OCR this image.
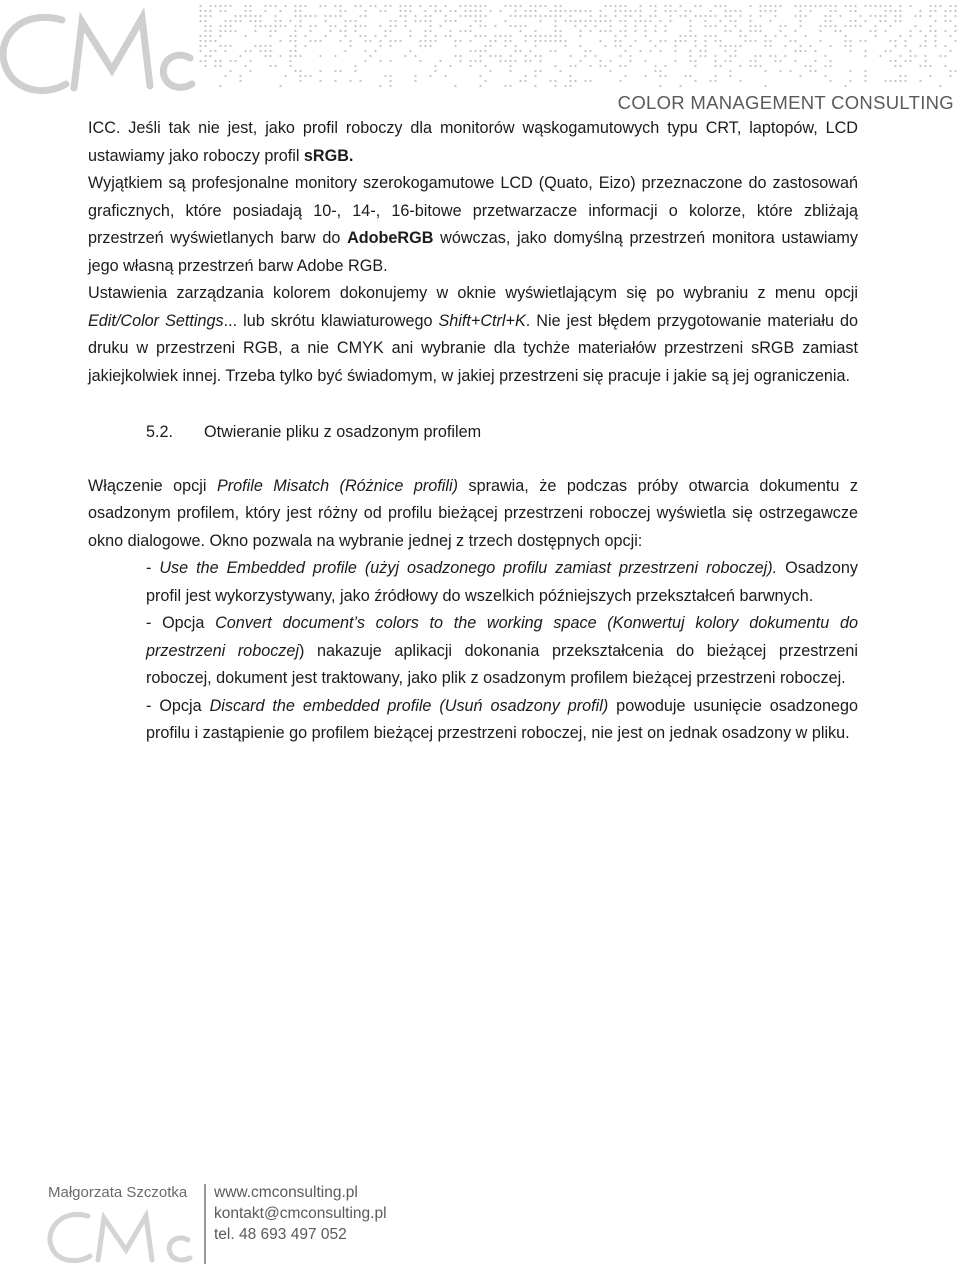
COLOR MANAGEMENT CONSULTING

ICC. Jeśli tak nie jest, jako profil roboczy dla monitorów wąskogamutowych typu CRT, laptopów, LCD ustawiamy jako roboczy profil sRGB.

Wyjątkiem są profesjonalne monitory szerokogamutowe LCD (Quato, Eizo) przeznaczone do zastosowań graficznych, które posiadają 10-, 14-, 16-bitowe przetwarzacze informacji o kolorze, które zbliżają przestrzeń wyświetlanych barw do AdobeRGB wówczas, jako domyślną przestrzeń monitora ustawiamy jego własną przestrzeń barw Adobe RGB.

Ustawienia zarządzania kolorem dokonujemy w oknie wyświetlającym się po wybraniu z menu opcji Edit/Color Settings... lub skrótu klawiaturowego Shift+Ctrl+K. Nie jest błędem przygotowanie materiału do druku w przestrzeni RGB, a nie CMYK ani wybranie dla tychże materiałów przestrzeni sRGB zamiast jakiejkolwiek innej. Trzeba tylko być świadomym, w jakiej przestrzeni się pracuje i jakie są jej ograniczenia.

5.2. Otwieranie pliku z osadzonym profilem

Włączenie opcji Profile Misatch (Różnice profili) sprawia, że podczas próby otwarcia dokumentu z osadzonym profilem, który jest różny od profilu bieżącej przestrzeni roboczej wyświetla się ostrzegawcze okno dialogowe. Okno pozwala na wybranie jednej z trzech dostępnych opcji:

- Use the Embedded profile (użyj osadzonego profilu zamiast przestrzeni roboczej). Osadzony profil jest wykorzystywany, jako źródłowy do wszelkich późniejszych przekształceń barwnych.

- Opcja Convert document’s colors to the working space (Konwertuj kolory dokumentu do przestrzeni roboczej) nakazuje aplikacji dokonania przekształcenia do bieżącej przestrzeni roboczej, dokument jest traktowany, jako plik z osadzonym profilem bieżącej przestrzeni roboczej.

- Opcja Discard the embedded profile (Usuń osadzony profil) powoduje usunięcie osadzonego profilu i zastąpienie go profilem bieżącej przestrzeni roboczej, nie jest on jednak osadzony w pliku.

Małgorzata Szczotka www.cmconsulting.pl
kontakt@cmconsulting.pl
tel. 48 693 497 052
